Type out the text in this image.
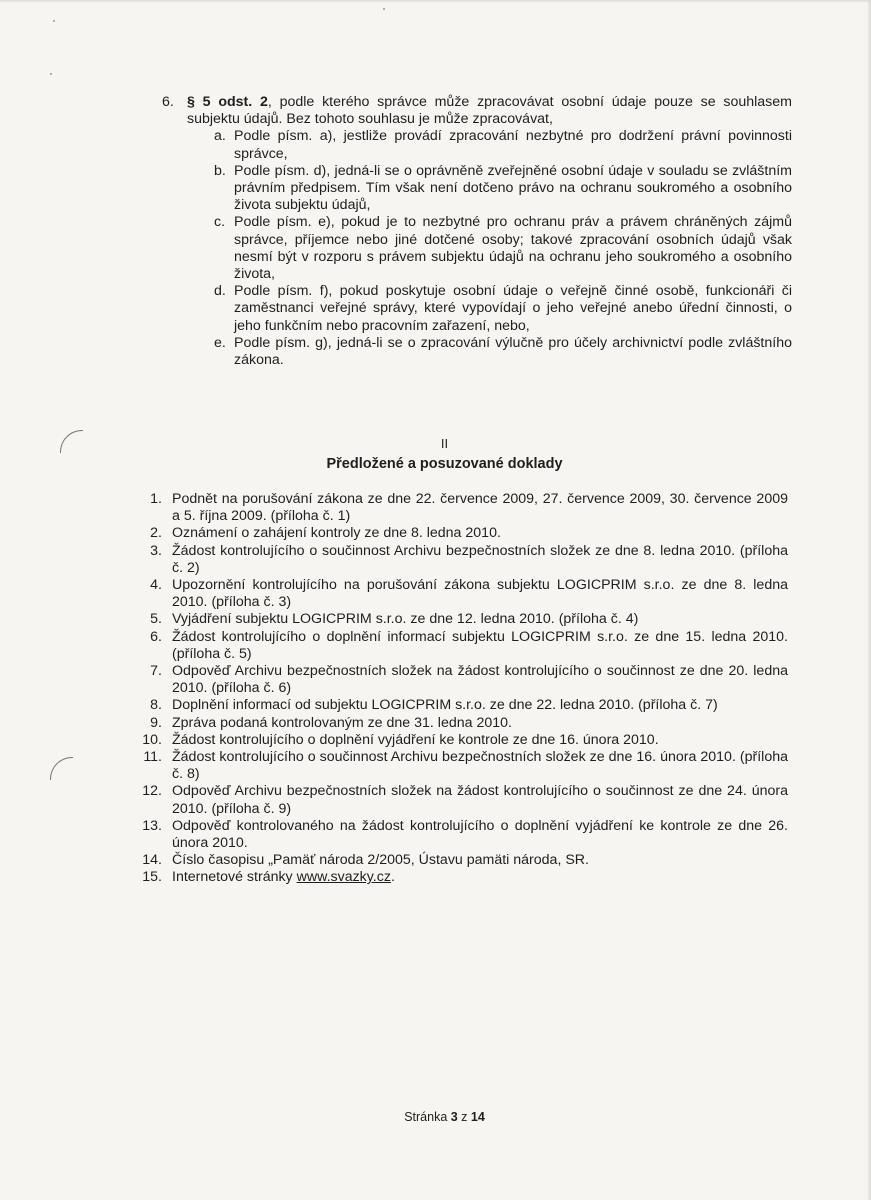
6. § 5 odst. 2, podle kterého správce může zpracovávat osobní údaje pouze se souhlasem subjektu údajů. Bez tohoto souhlasu je může zpracovávat,
a. Podle písm. a), jestliže provádí zpracování nezbytné pro dodržení právní povinnosti správce,
b. Podle písm. d), jedná-li se o oprávněně zveřejněné osobní údaje v souladu se zvláštním právním předpisem. Tím však není dotčeno právo na ochranu soukromého a osobního života subjektu údajů,
c. Podle písm. e), pokud je to nezbytné pro ochranu práv a právem chráněných zájmů správce, příjemce nebo jiné dotčené osoby; takové zpracování osobních údajů však nesmí být v rozporu s právem subjektu údajů na ochranu jeho soukromého a osobního života,
d. Podle písm. f), pokud poskytuje osobní údaje o veřejně činné osobě, funkcionáři či zaměstnanci veřejné správy, které vypovídají o jeho veřejné anebo úřední činnosti, o jeho funkčním nebo pracovním zařazení, nebo,
e. Podle písm. g), jedná-li se o zpracování výlučně pro účely archivnictví podle zvláštního zákona.
II
Předložené a posuzované doklady
1. Podnět na porušování zákona ze dne 22. července 2009, 27. července 2009, 30. července 2009 a 5. října 2009. (příloha č. 1)
2. Oznámení o zahájení kontroly ze dne 8. ledna 2010.
3. Žádost kontrolujícího o součinnost Archivu bezpečnostních složek ze dne 8. ledna 2010. (příloha č. 2)
4. Upozornění kontrolujícího na porušování zákona subjektu LOGICPRIM s.r.o. ze dne 8. ledna 2010. (příloha č. 3)
5. Vyjádření subjektu LOGICPRIM s.r.o. ze dne 12. ledna 2010. (příloha č. 4)
6. Žádost kontrolujícího o doplnění informací subjektu LOGICPRIM s.r.o. ze dne 15. ledna 2010. (příloha č. 5)
7. Odpověď Archivu bezpečnostních složek na žádost kontrolujícího o součinnost ze dne 20. ledna 2010. (příloha č. 6)
8. Doplnění informací od subjektu LOGICPRIM s.r.o. ze dne 22. ledna 2010. (příloha č. 7)
9. Zpráva podaná kontrolovaným ze dne 31. ledna 2010.
10. Žádost kontrolujícího o doplnění vyjádření ke kontrole ze dne 16. února 2010.
11. Žádost kontrolujícího o součinnost Archivu bezpečnostních složek ze dne 16. února 2010. (příloha č. 8)
12. Odpověď Archivu bezpečnostních složek na žádost kontrolujícího o součinnost ze dne 24. února 2010. (příloha č. 9)
13. Odpověď kontrolovaného na žádost kontrolujícího o doplnění vyjádření ke kontrole ze dne 26. února 2010.
14. Číslo časopisu „Pamäť národa 2/2005, Ústavu pamäti národa, SR.
15. Internetové stránky www.svazky.cz.
Stránka 3 z 14
